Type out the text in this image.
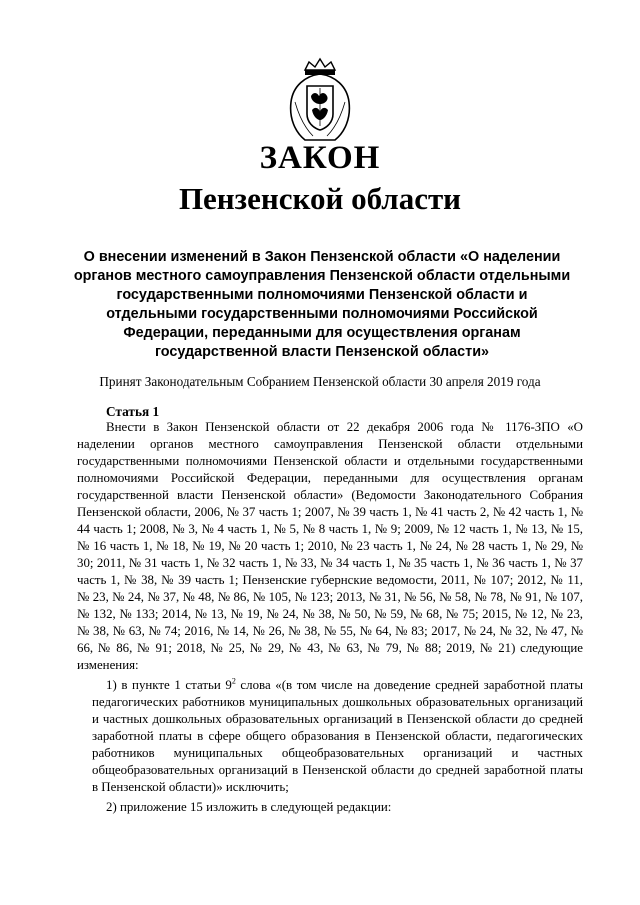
ЗАКОН
Пензенской области
О внесении изменений в Закон Пензенской области «О наделении органов местного самоуправления Пензенской области отдельными государственными полномочиями Пензенской области и отдельными государственными полномочиями Российской Федерации, переданными для осуществления органам государственной власти Пензенской области»
Принят Законодательным Собранием Пензенской области 30 апреля 2019 года
Статья 1

Внести в Закон Пензенской области от 22 декабря 2006 года № 1176-ЗПО «О наделении органов местного самоуправления Пензенской области отдельными государственными полномочиями Пензенской области и отдельными государственными полномочиями Российской Федерации, переданными для осуществления органам государственной власти Пензенской области» (Ведомости Законодательного Собрания Пензенской области, 2006, № 37 часть 1; 2007, № 39 часть 1, № 41 часть 2, № 42 часть 1, № 44 часть 1; 2008, № 3, № 4 часть 1, № 5, № 8 часть 1, № 9; 2009, № 12 часть 1, № 13, № 15, № 16 часть 1, № 18, № 19, № 20 часть 1; 2010, № 23 часть 1, № 24, № 28 часть 1, № 29, № 30; 2011, № 31 часть 1, № 32 часть 1, № 33, № 34 часть 1, № 35 часть 1, № 36 часть 1, № 37 часть 1, № 38, № 39 часть 1; Пензенские губернские ведомости, 2011, № 107; 2012, № 11, № 23, № 24, № 37, № 48, № 86, № 105, № 123; 2013, № 31, № 56, № 58, № 78, № 91, № 107, № 132, № 133; 2014, № 13, № 19, № 24, № 38, № 50, № 59, № 68, № 75; 2015, № 12, № 23, № 38, № 63, № 74; 2016, № 14, № 26, № 38, № 55, № 64, № 83; 2017, № 24, № 32, № 47, № 66, № 86, № 91; 2018, № 25, № 29, № 43, № 63, № 79, № 88; 2019, № 21) следующие изменения:

1) в пункте 1 статьи $9^2$ слова «(в том числе на доведение средней заработной платы педагогических работников муниципальных дошкольных образовательных организаций и частных дошкольных образовательных организаций в Пензенской области до средней заработной платы в сфере общего образования в Пензенской области, педагогических работников муниципальных общеобразовательных организаций и частных общеобразовательных организаций в Пензенской области до средней заработной платы в Пензенской области)» исключить;

2) приложение 15 изложить в следующей редакции:
